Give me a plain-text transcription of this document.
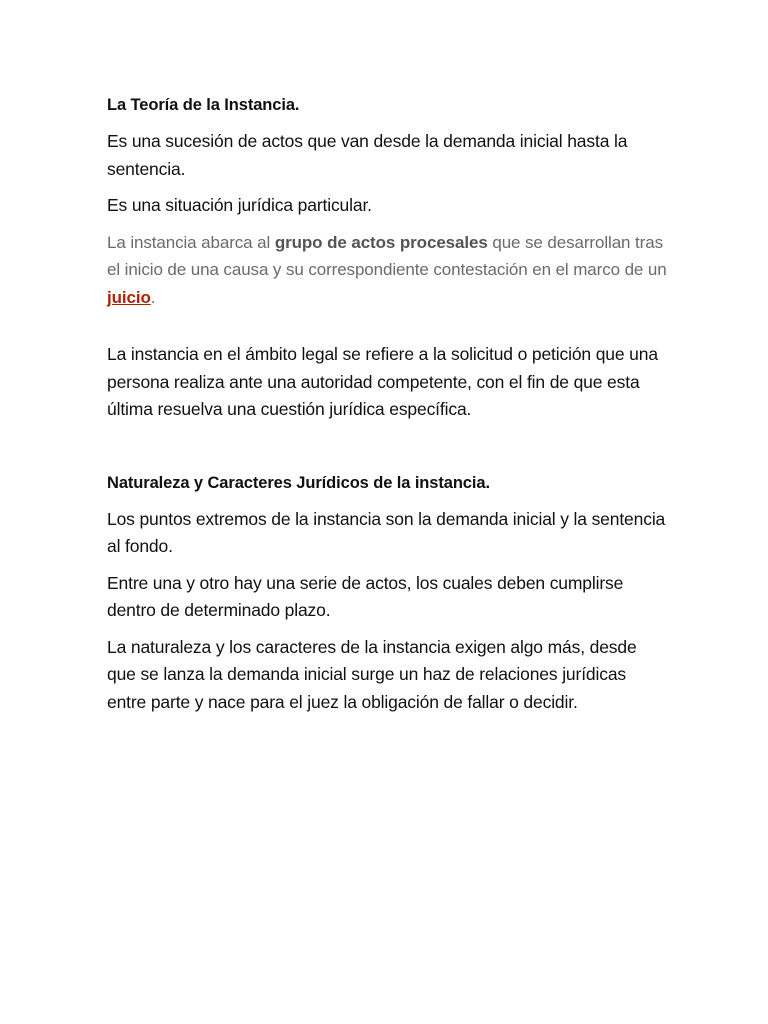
La Teoría de la Instancia.
Es una sucesión de actos que van desde la demanda inicial hasta la sentencia.
Es una situación jurídica particular.
La instancia abarca al grupo de actos procesales que se desarrollan tras el inicio de una causa y su correspondiente contestación en el marco de un juicio.
La instancia en el ámbito legal se refiere a la solicitud o petición que una persona realiza ante una autoridad competente, con el fin de que esta última resuelva una cuestión jurídica específica.
Naturaleza y Caracteres Jurídicos de la instancia.
Los puntos extremos de la instancia son la demanda inicial y la sentencia al fondo.
Entre una y otro hay una serie de actos, los cuales deben cumplirse dentro de determinado plazo.
La naturaleza y los caracteres de la instancia exigen algo más, desde que se lanza la demanda inicial surge un haz de relaciones jurídicas entre parte y nace para el juez la obligación de fallar o decidir.
